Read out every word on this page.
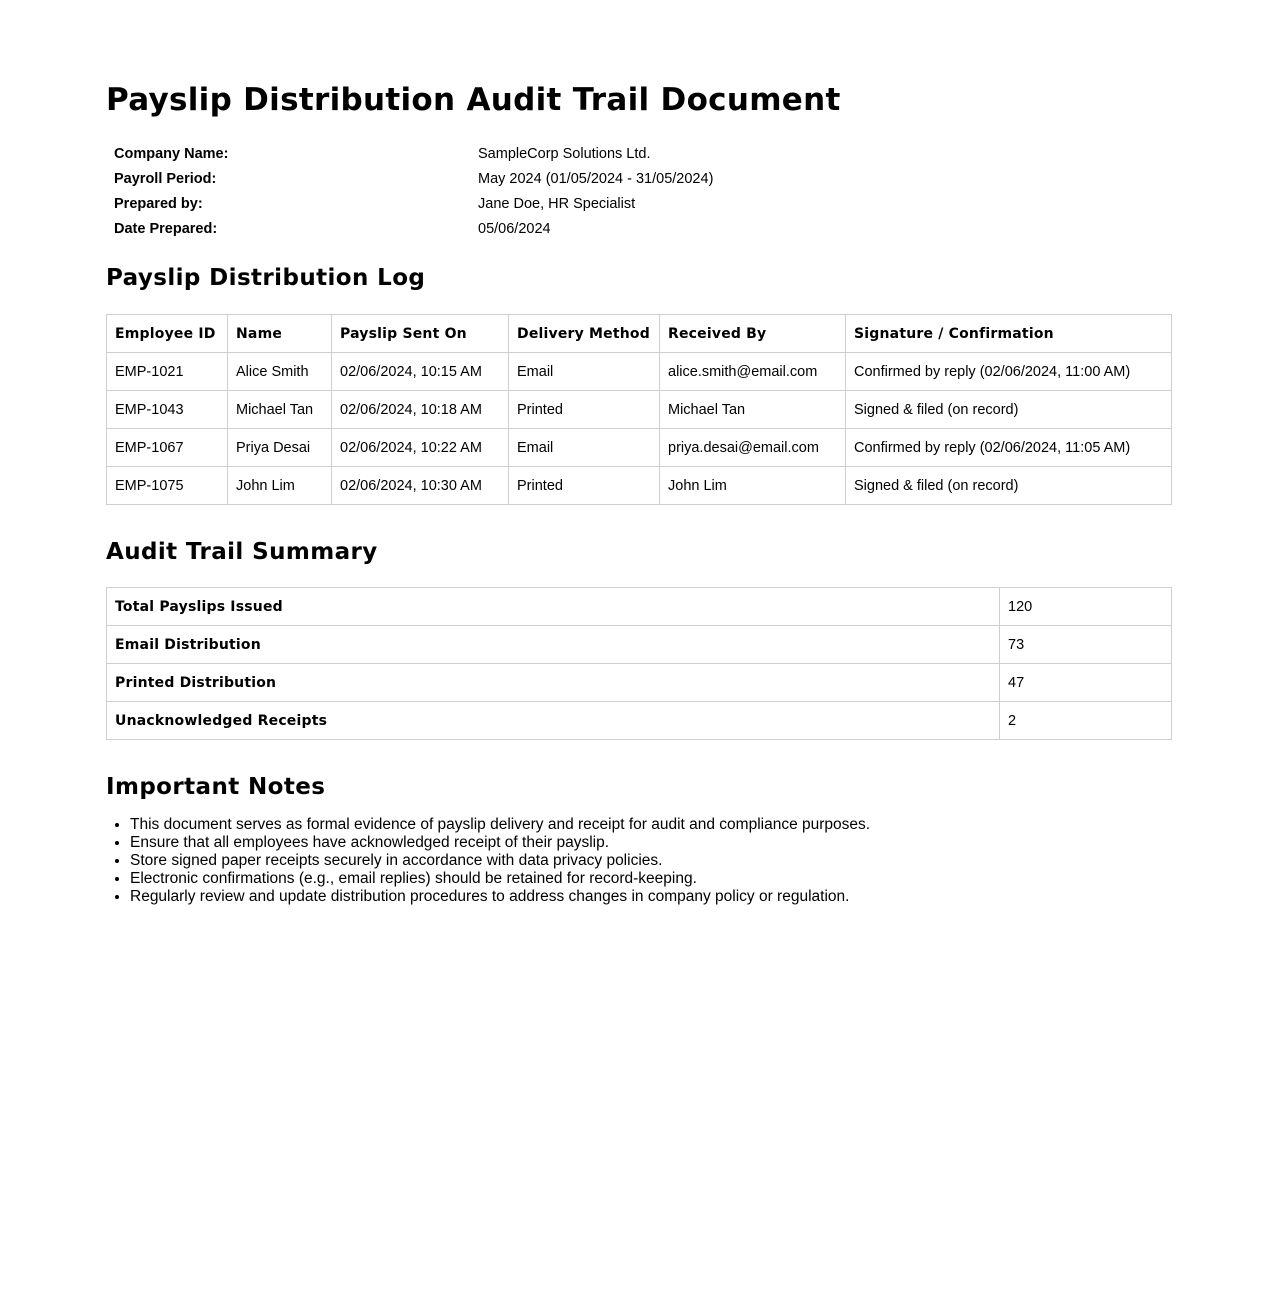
Payslip Distribution Audit Trail Document
Company Name:	SampleCorp Solutions Ltd.
Payroll Period:	May 2024 (01/05/2024 - 31/05/2024)
Prepared by:	Jane Doe, HR Specialist
Date Prepared:	05/06/2024
Payslip Distribution Log
Employee ID	Name	Payslip Sent On	Delivery Method	Received By	Signature / Confirmation
EMP-1021	Alice Smith	02/06/2024, 10:15 AM	Email	alice.smith@email.com	Confirmed by reply (02/06/2024, 11:00 AM)
EMP-1043	Michael Tan	02/06/2024, 10:18 AM	Printed	Michael Tan	Signed & filed (on record)
EMP-1067	Priya Desai	02/06/2024, 10:22 AM	Email	priya.desai@email.com	Confirmed by reply (02/06/2024, 11:05 AM)
EMP-1075	John Lim	02/06/2024, 10:30 AM	Printed	John Lim	Signed & filed (on record)
Audit Trail Summary
Total Payslips Issued	120
Email Distribution	73
Printed Distribution	47
Unacknowledged Receipts	2
Important Notes
• This document serves as formal evidence of payslip delivery and receipt for audit and compliance purposes.
• Ensure that all employees have acknowledged receipt of their payslip.
• Store signed paper receipts securely in accordance with data privacy policies.
• Electronic confirmations (e.g., email replies) should be retained for record-keeping.
• Regularly review and update distribution procedures to address changes in company policy or regulation.
